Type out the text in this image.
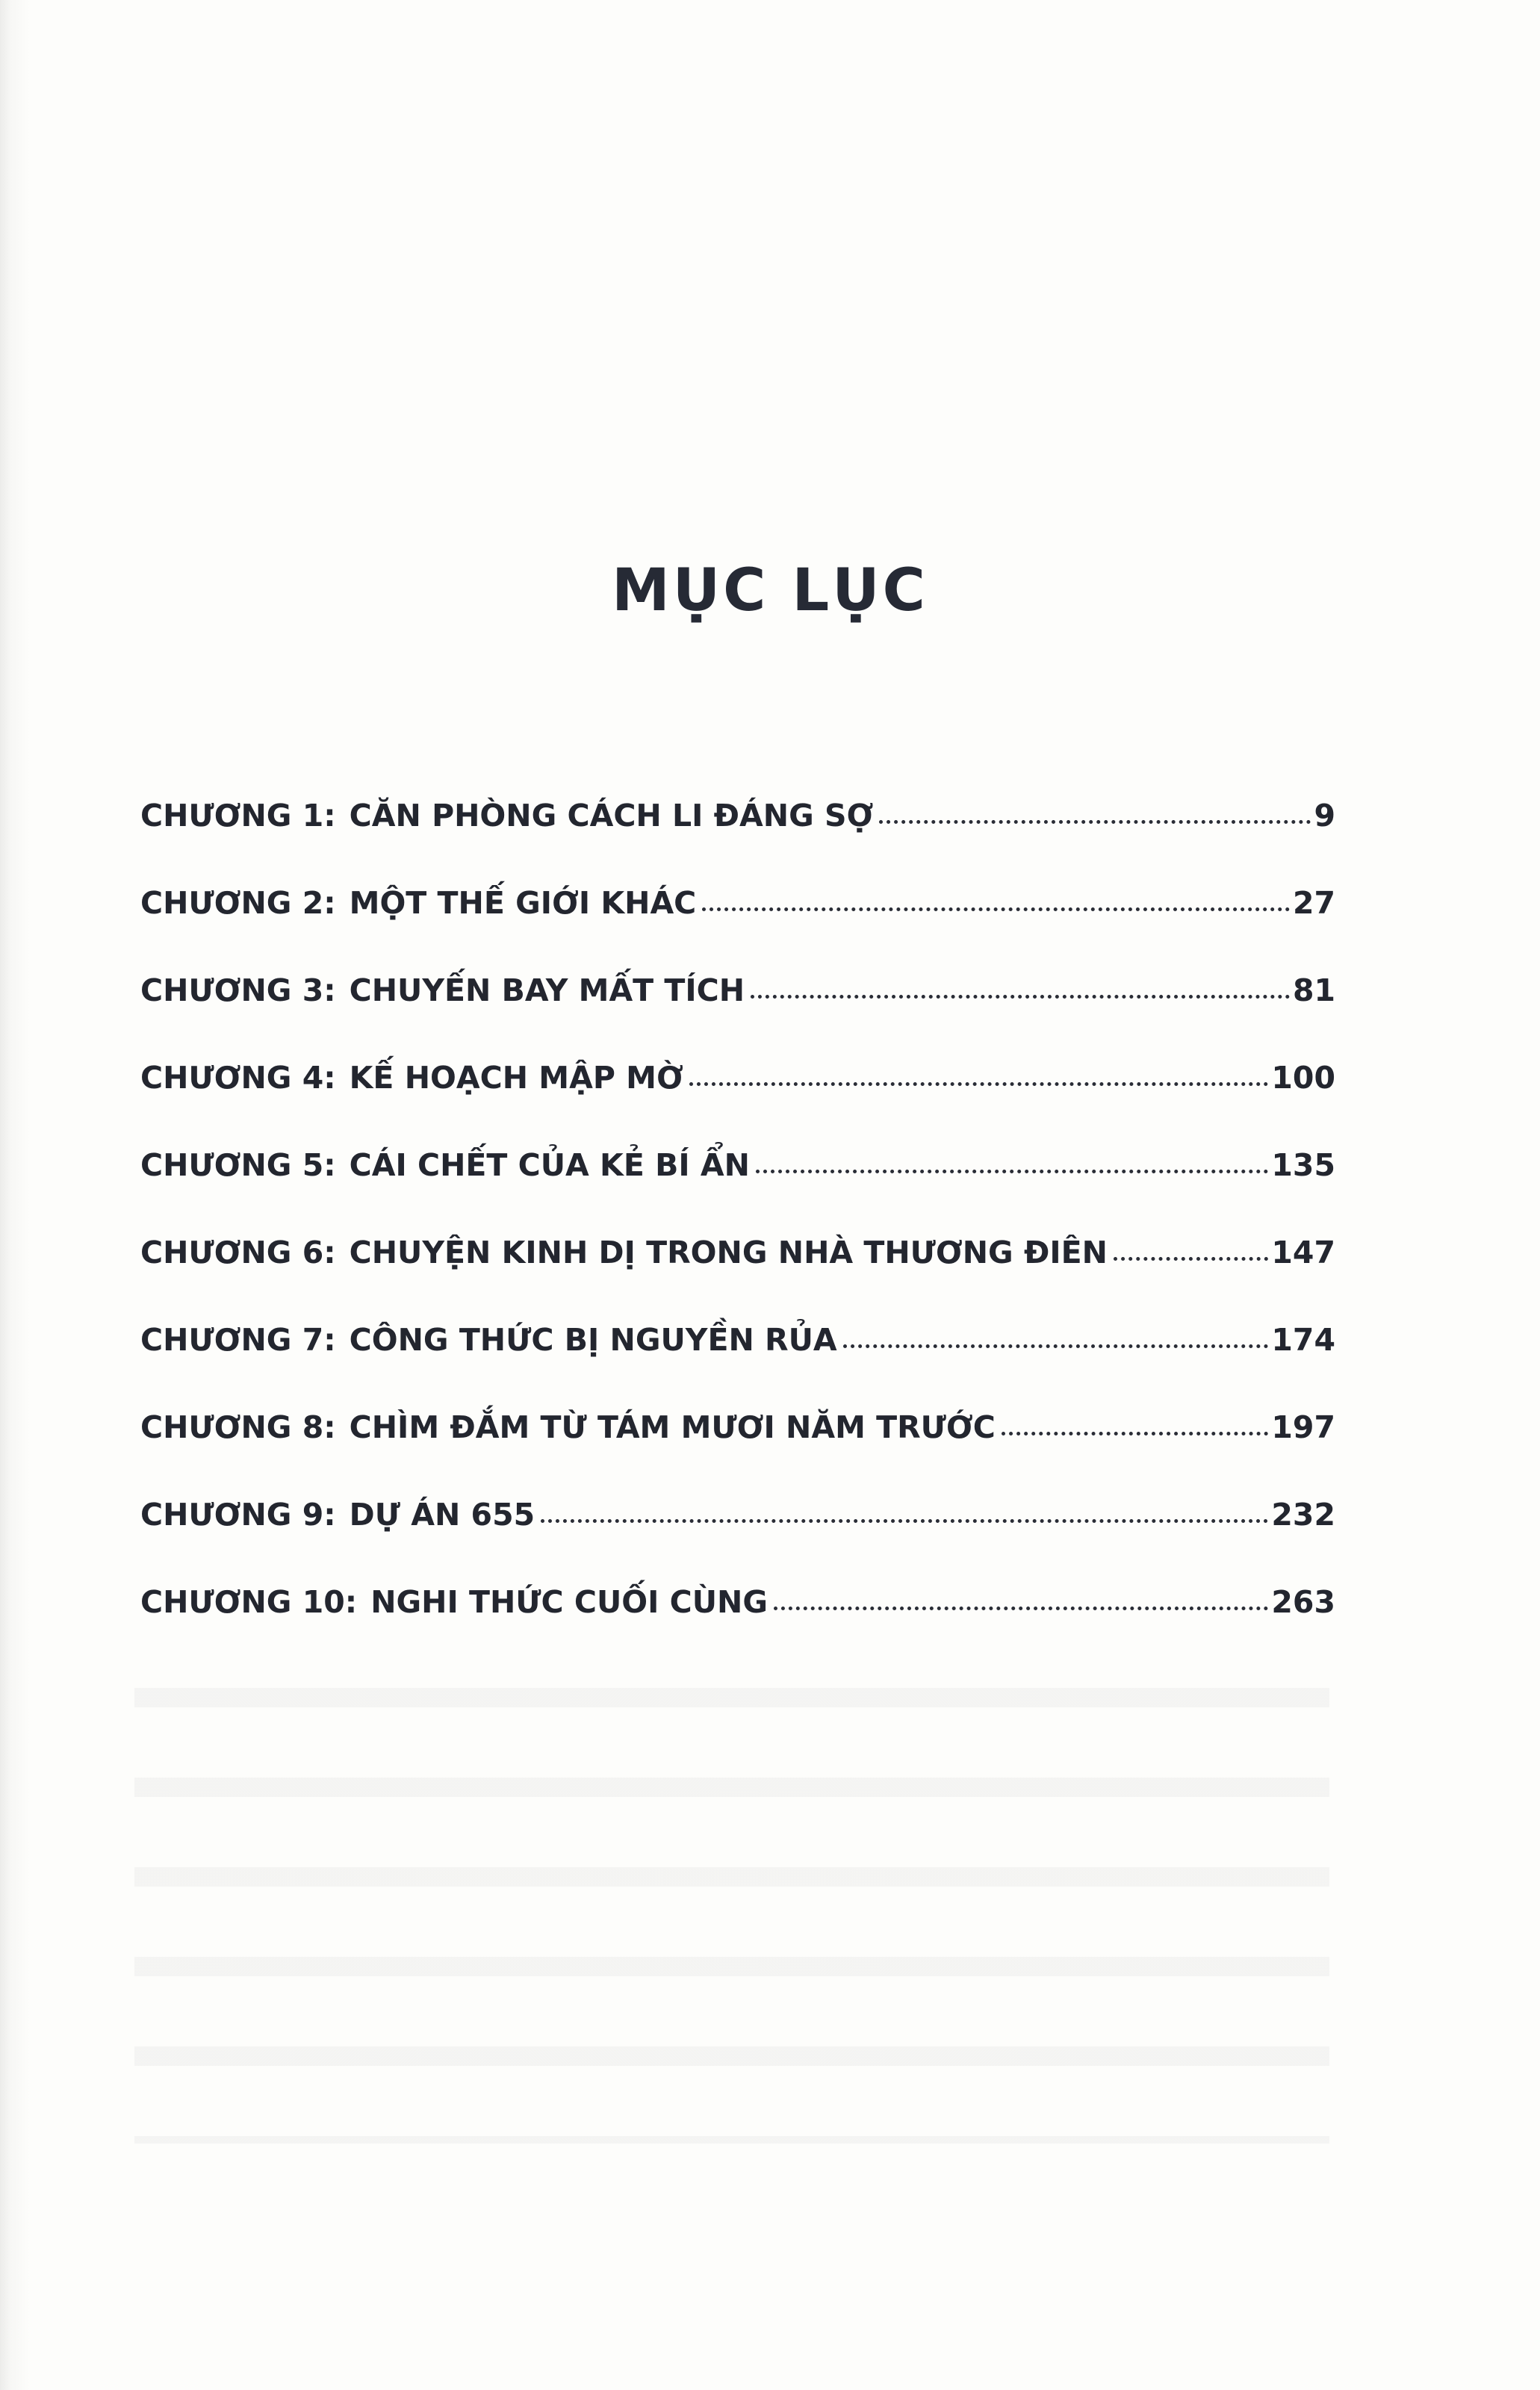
MỤC LỤC
CHƯƠNG 1 : CĂN PHÒNG CÁCH LI ĐÁNG SỢ	9
CHƯƠNG 2 : MỘT THẾ GIỚI KHÁC	27
CHƯƠNG 3 : CHUYẾN BAY MẤT TÍCH	81
CHƯƠNG 4 : KẾ HOẠCH MẬP MỜ	100
CHƯƠNG 5 : CÁI CHẾT CỦA KẺ BÍ ẨN	135
CHƯƠNG 6 : CHUYỆN KINH DỊ TRONG NHÀ THƯƠNG ĐIÊN	147
CHƯƠNG 7 : CÔNG THỨC BỊ NGUYỀN RỦA	174
CHƯƠNG 8 : CHÌM ĐẮM TỪ TÁM MƯƠI NĂM TRƯỚC	197
CHƯƠNG 9 : DỰ ÁN 655	232
CHƯƠNG 10 : NGHI THỨC CUỐI CÙNG	263
